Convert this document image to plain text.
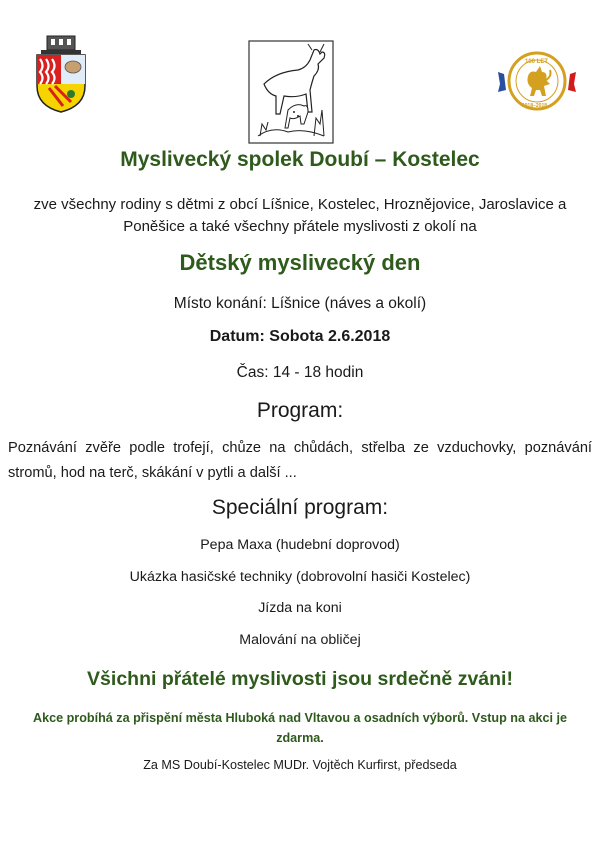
100 LET
1918–2018
Myslivecký spolek Doubí – Kostelec
zve všechny rodiny s dětmi z obcí Líšnice, Kostelec, Hroznějovice, Jaroslavice a Poněšice a také všechny přátele myslivosti z okolí na
Dětský myslivecký den
Místo konání: Líšnice (náves a okolí)
Datum: Sobota 2.6.2018
Čas: 14 - 18 hodin
Program:
Poznávání zvěře podle trofejí, chůze na chůdách, střelba ze vzduchovky, poznávání stromů, hod na terč, skákání v pytli a další ...
Speciální program:
Pepa Maxa (hudební doprovod)
Ukázka hasičské techniky (dobrovolní hasiči Kostelec)
Jízda na koni
Malování na obličej
Všichni přátelé myslivosti jsou srdečně zváni!
Akce probíhá za přispění města Hluboká nad Vltavou a osadních výborů. Vstup na akci je zdarma.
Za MS Doubí-Kostelec MUDr. Vojtěch Kurfirst, předseda
